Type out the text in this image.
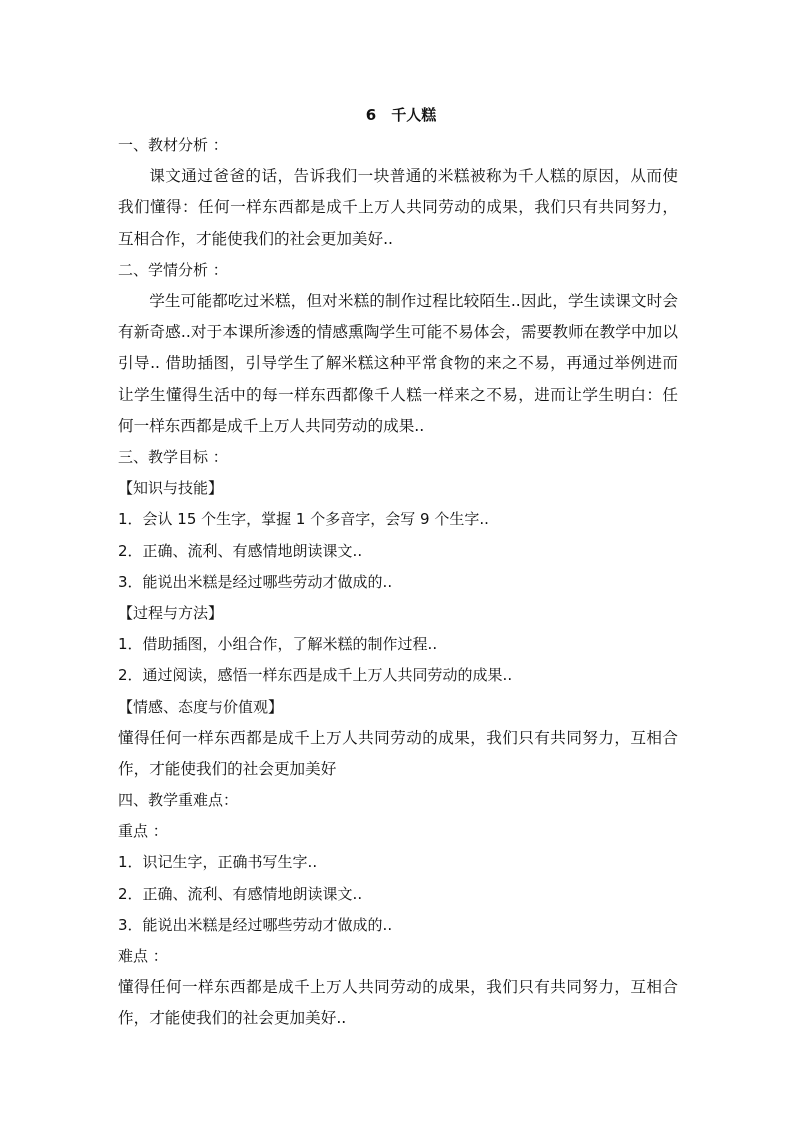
6　千人糕
一、教材分析 ：
课文通过爸爸的话，告诉我们一块普通的米糕被称为千人糕的原因，从而使我们懂得：任何一样东西都是成千上万人共同劳动的成果，我们只有共同努力，互相合作，才能使我们的社会更加美好..
二、学情分析 ：
学生可能都吃过米糕，但对米糕的制作过程比较陌生..因此，学生读课文时会有新奇感..对于本课所渗透的情感熏陶学生可能不易体会，需要教师在教学中加以引导.. 借助插图，引导学生了解米糕这种平常食物的来之不易，再通过举例进而让学生懂得生活中的每一样东西都像千人糕一样来之不易，进而让学生明白：任何一样东西都是成千上万人共同劳动的成果..
三、教学目标 ：
【知识与技能】
1．会认 15 个生字，掌握 1 个多音字，会写 9 个生字..
2．正确、流利、有感情地朗读课文..
3．能说出米糕是经过哪些劳动才做成的..
【过程与方法】
1．借助插图，小组合作，了解米糕的制作过程..
2．通过阅读，感悟一样东西是成千上万人共同劳动的成果..
【情感、态度与价值观】
懂得任何一样东西都是成千上万人共同劳动的成果，我们只有共同努力，互相合作，才能使我们的社会更加美好
四、教学重难点：
重点 ：
1．识记生字，正确书写生字..
2．正确、流利、有感情地朗读课文..
3．能说出米糕是经过哪些劳动才做成的..
难点 ：
懂得任何一样东西都是成千上万人共同劳动的成果，我们只有共同努力，互相合作，才能使我们的社会更加美好..
